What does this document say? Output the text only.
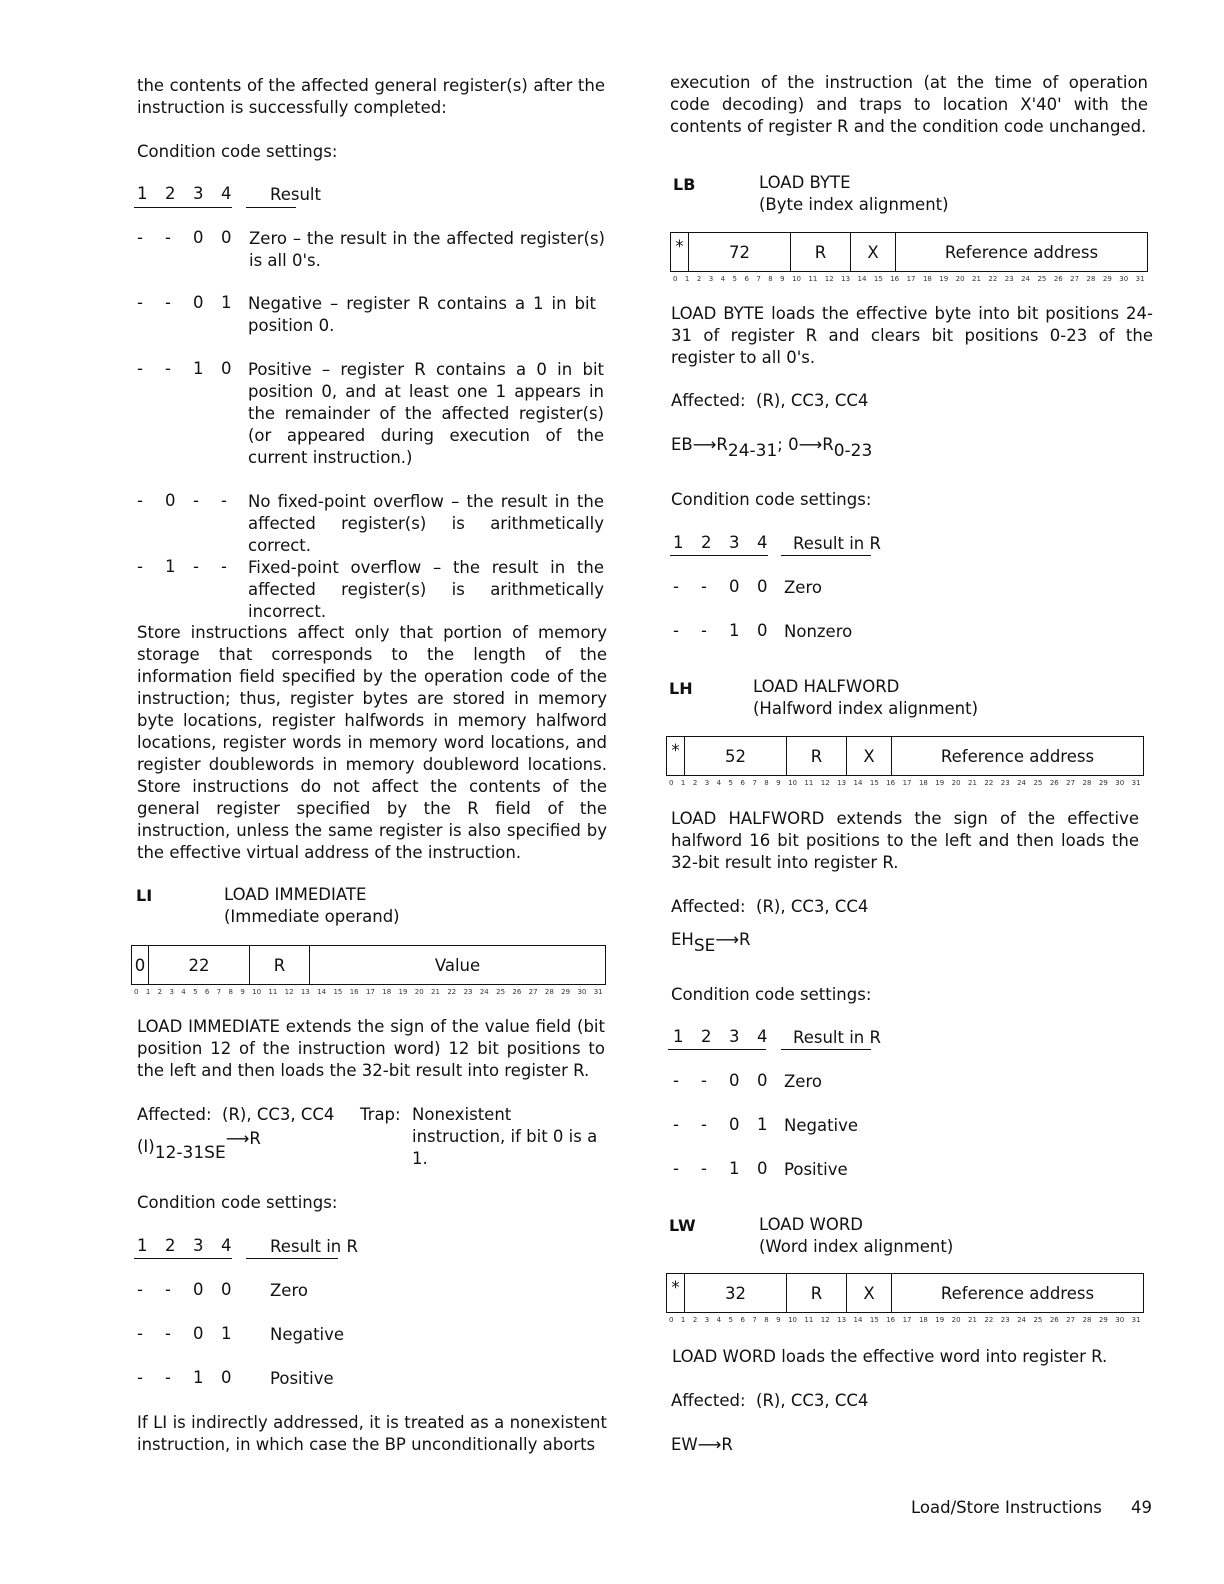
the contents of the affected general register(s) after the instruction is successfully completed:

Condition code settings:
1	2	3	4	Result
-	-	0	0	Zero – the result in the affected register(s) is all 0's.

-	-	0	1	Negative – register R contains a 1 in bit position 0.

-	-	1	0	Positive – register R contains a 0 in bit position 0, and at least one 1 appears in the remainder of the affected register(s) (or appeared during execution of the current instruction.)

-	0	-	-	No fixed-point overflow – the result in the affected register(s) is arithmetically correct.

-	1	-	-	Fixed-point overflow – the result in the affected register(s) is arithmetically incorrect.

Store instructions affect only that portion of memory storage that corresponds to the length of the information field specified by the operation code of the instruction; thus, register bytes are stored in memory byte locations, register halfwords in memory halfword locations, register words in memory word locations, and register doublewords in memory doubleword locations. Store instructions do not affect the contents of the general register specified by the R field of the instruction, unless the same register is also specified by the effective virtual address of the instruction.

LI	LOAD IMMEDIATE
(Immediate operand)
0	22	R	Value
0 1 2 3 4 5 6 7 8 9 10 11 12 13 14 15 16 17 18 19 20 21 22 23 24 25 26 27 28 29 30 31

LOAD IMMEDIATE extends the sign of the value field (bit position 12 of the instruction word) 12 bit positions to the left and then loads the 32-bit result into register R.

Affected:  (R), CC3, CC4 Trap: Nonexistent instruction, if bit 0 is a 1.

$(I)_{12-31SE}⟶R$
Condition code settings:
1	2	3	4	Result in R
-	-	0	0	Zero
-	-	0	1	Negative
-	-	1	0	Positive

If LI is indirectly addressed, it is treated as a nonexistent instruction, in which case the BP unconditionally aborts

execution of the instruction (at the time of operation code decoding) and traps to location X'40' with the contents of register R and the condition code unchanged.

LB	LOAD BYTE
(Byte index alignment)
*	72	R	X	Reference address
0 1 2 3 4 5 6 7 8 9 10 11 12 13 14 15 16 17 18 19 20 21 22 23 24 25 26 27 28 29 30 31

LOAD BYTE loads the effective byte into bit positions 24-31 of register R and clears bit positions 0-23 of the register to all 0's.

Affected:  (R), CC3, CC4
$EB⟶R_{24-31}$; $0⟶R_{0-23}$
Condition code settings:
1	2	3	4	Result in R
-	-	0	0	Zero
-	-	1	0	Nonzero
LH	LOAD HALFWORD
(Halfword index alignment)
*	52	R	X	Reference address
0 1 2 3 4 5 6 7 8 9 10 11 12 13 14 15 16 17 18 19 20 21 22 23 24 25 26 27 28 29 30 31

LOAD HALFWORD extends the sign of the effective halfword 16 bit positions to the left and then loads the 32-bit result into register R.

Affected:  (R), CC3, CC4
$EH_{SE}⟶R$
Condition code settings:
1	2	3	4	Result in R
-	-	0	0	Zero
-	-	0	1	Negative
-	-	1	0	Positive
LW	LOAD WORD
(Word index alignment)
*	32	R	X	Reference address
0 1 2 3 4 5 6 7 8 9 10 11 12 13 14 15 16 17 18 19 20 21 22 23 24 25 26 27 28 29 30 31

LOAD WORD loads the effective word into register R.

Affected:  (R), CC3, CC4
EW⟶R
Load/Store Instructions 49
